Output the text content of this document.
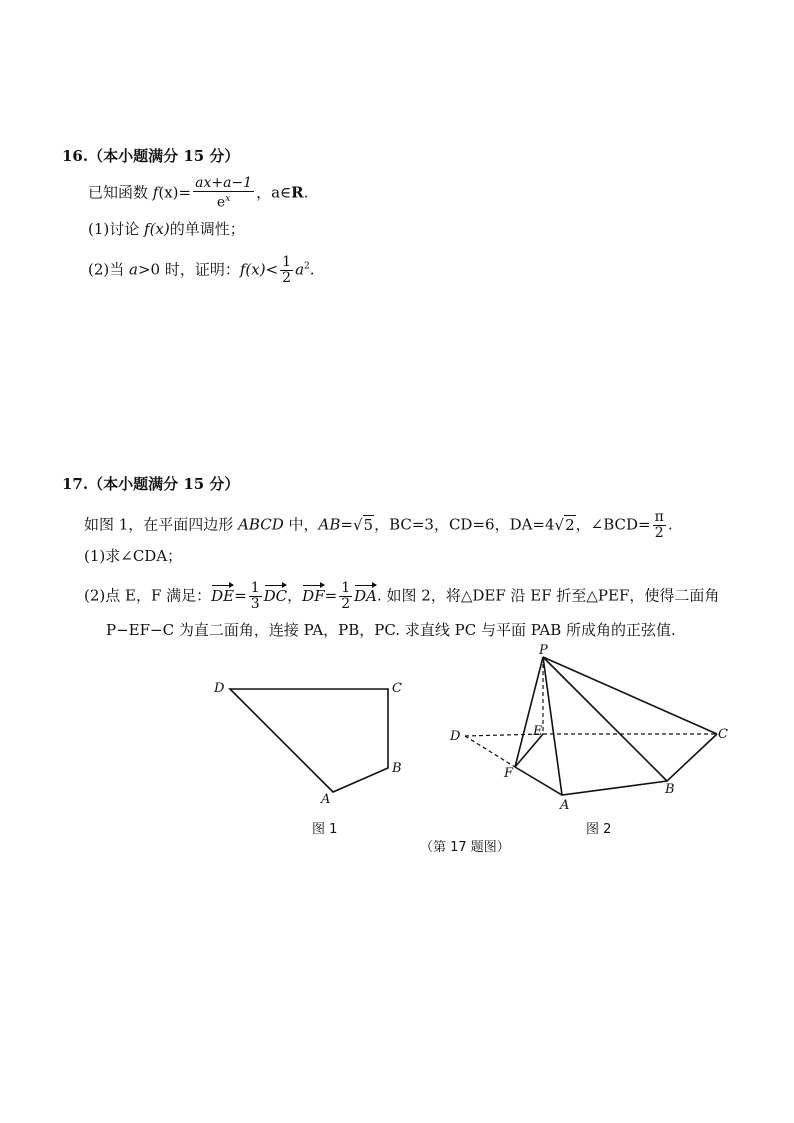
16.（本小题满分 15 分）
已知函数 $f(x)= \frac{ax+a-1}{e^x}$ ，a∈R.
(1)讨论 f(x)的单调性；
(2)当 a>0 时，证明：$f(x)< \frac{1}{2} a^2$.
17.（本小题满分 15 分）
如图 1，在平面四边形 ABCD 中，AB=√5，BC=3，CD=6，DA=4√2，∠BCD= $\frac{\pi}{2}$ .
(1)求∠CDA；
(2)点 E，F 满足：$DE= \frac{1}{3}$ DC，$DF= \frac{1}{2}$ DA. 如图 2，将△DEF 沿 EF 折至△PEF，使得二面角
P−EF−C 为直二面角，连接 PA，PB，PC. 求直线 PC 与平面 PAB 所成角的正弦值.
D	C
B
A
P
E
D	C
F
B
A
图 1	图 2
（第 17 题图）
